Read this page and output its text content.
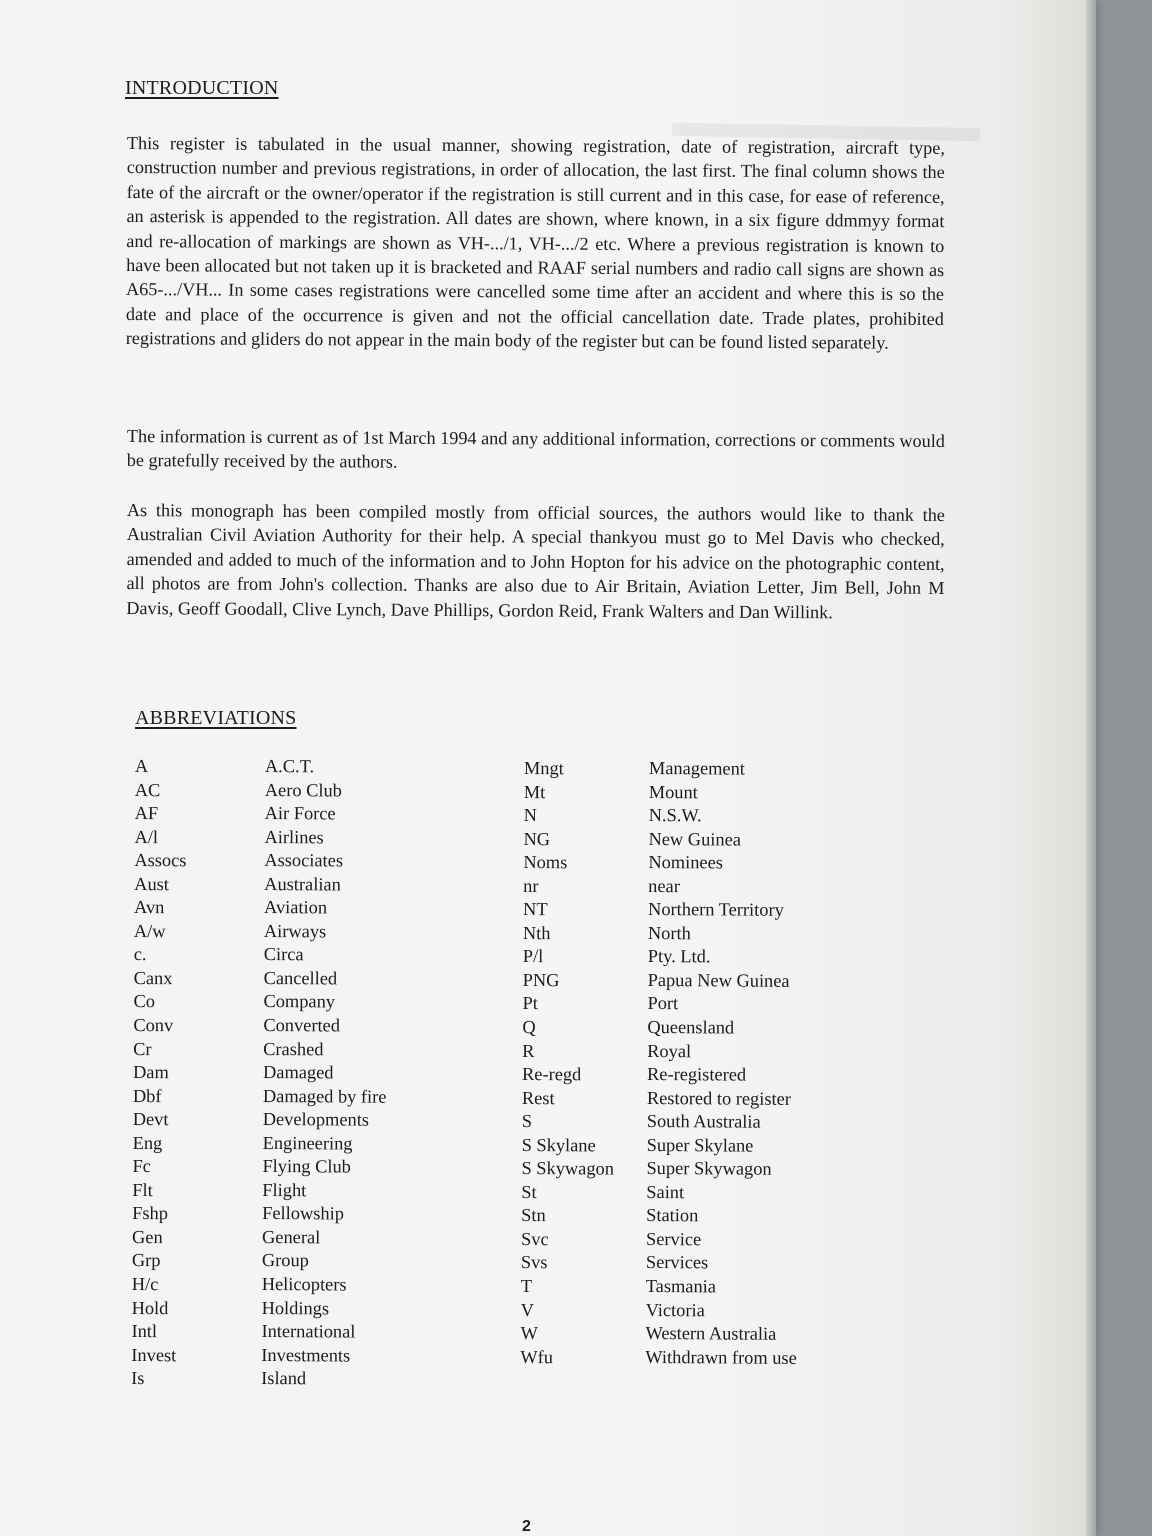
▬▬▬▬▬▬▬
INTRODUCTION
This register is tabulated in the usual manner, showing registration, date of registration, aircraft type, construction number and previous registrations, in order of allocation, the last first. The final column shows the fate of the aircraft or the owner/operator if the registration is still current and in this case, for ease of reference, an asterisk is appended to the registration. All dates are shown, where known, in a six figure ddmmyy format and re-allocation of markings are shown as VH-.../1, VH-.../2 etc. Where a previous registration is known to have been allocated but not taken up it is bracketed and RAAF serial numbers and radio call signs are shown as A65-.../VH... In some cases registrations were cancelled some time after an accident and where this is so the date and place of the occurrence is given and not the official cancellation date. Trade plates, prohibited registrations and gliders do not appear in the main body of the register but can be found listed separately.
The information is current as of 1st March 1994 and any additional information, corrections or comments would be gratefully received by the authors.
As this monograph has been compiled mostly from official sources, the authors would like to thank the Australian Civil Aviation Authority for their help. A special thankyou must go to Mel Davis who checked, amended and added to much of the information and to John Hopton for his advice on the photographic content, all photos are from John's collection. Thanks are also due to Air Britain, Aviation Letter, Jim Bell, John M Davis, Geoff Goodall, Clive Lynch, Dave Phillips, Gordon Reid, Frank Walters and Dan Willink.
ABBREVIATIONS
A
AC
AF
A/l
Assocs
Aust
Avn
A/w
c.
Canx
Co
Conv
Cr
Dam
Dbf
Devt
Eng
Fc
Flt
Fshp
Gen
Grp
H/c
Hold
Intl
Invest
Is
A.C.T.
Aero Club
Air Force
Airlines
Associates
Australian
Aviation
Airways
Circa
Cancelled
Company
Converted
Crashed
Damaged
Damaged by fire
Developments
Engineering
Flying Club
Flight
Fellowship
General
Group
Helicopters
Holdings
International
Investments
Island
Mngt
Mt
N
NG
Noms
nr
NT
Nth
P/l
PNG
Pt
Q
R
Re-regd
Rest
S
S Skylane
S Skywagon
St
Stn
Svc
Svs
T
V
W
Wfu
Management
Mount
N.S.W.
New Guinea
Nominees
near
Northern Territory
North
Pty. Ltd.
Papua New Guinea
Port
Queensland
Royal
Re-registered
Restored to register
South Australia
Super Skylane
Super Skywagon
Saint
Station
Service
Services
Tasmania
Victoria
Western Australia
Withdrawn from use
2
